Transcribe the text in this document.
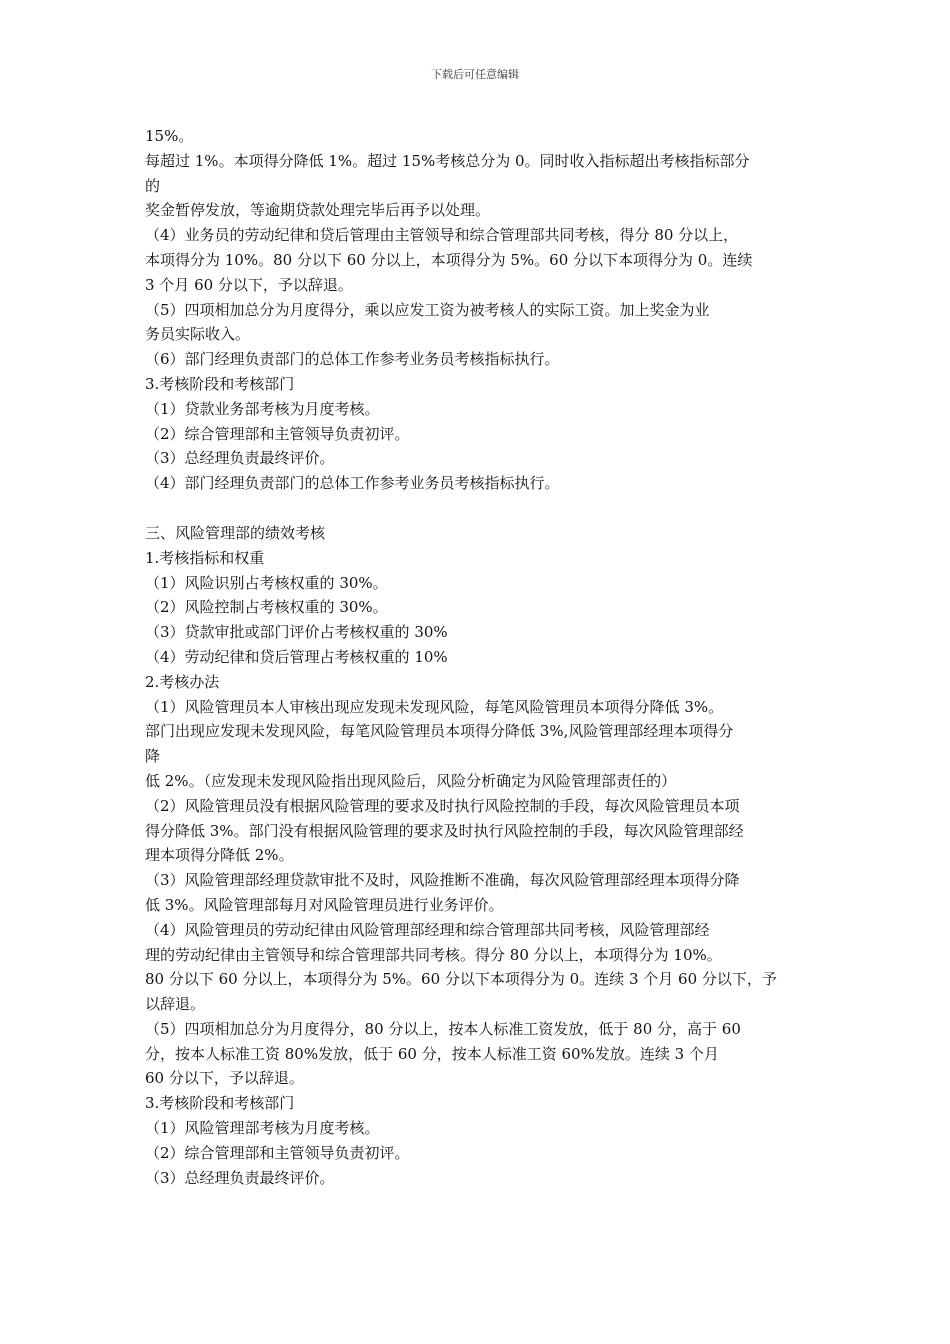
下载后可任意编辑
15%。
每超过 1%。本项得分降低 1%。超过 15%考核总分为 0。同时收入指标超出考核指标部分
的
奖金暂停发放，等逾期贷款处理完毕后再予以处理。
（4）业务员的劳动纪律和贷后管理由主管领导和综合管理部共同考核，得分 80 分以上，
本项得分为 10%。80 分以下 60 分以上，本项得分为 5%。60 分以下本项得分为 0。连续
3 个月 60 分以下，予以辞退。
（5）四项相加总分为月度得分，乘以应发工资为被考核人的实际工资。加上奖金为业
务员实际收入。
（6）部门经理负责部门的总体工作参考业务员考核指标执行。
3.考核阶段和考核部门
（1）贷款业务部考核为月度考核。
（2）综合管理部和主管领导负责初评。
（3）总经理负责最终评价。
（4）部门经理负责部门的总体工作参考业务员考核指标执行。
三、风险管理部的绩效考核
1.考核指标和权重
（1）风险识别占考核权重的 30%。
（2）风险控制占考核权重的 30%。
（3）贷款审批或部门评价占考核权重的 30%
（4）劳动纪律和贷后管理占考核权重的 10%
2.考核办法
（1）风险管理员本人审核出现应发现未发现风险，每笔风险管理员本项得分降低 3%。
部门出现应发现未发现风险，每笔风险管理员本项得分降低 3%,风险管理部经理本项得分
降
低 2%。（应发现未发现风险指出现风险后，风险分析确定为风险管理部责任的）
（2）风险管理员没有根据风险管理的要求及时执行风险控制的手段，每次风险管理员本项
得分降低 3%。部门没有根据风险管理的要求及时执行风险控制的手段，每次风险管理部经
理本项得分降低 2%。
（3）风险管理部经理贷款审批不及时，风险推断不准确，每次风险管理部经理本项得分降
低 3%。风险管理部每月对风险管理员进行业务评价。
（4）风险管理员的劳动纪律由风险管理部经理和综合管理部共同考核，风险管理部经
理的劳动纪律由主管领导和综合管理部共同考核。得分 80 分以上，本项得分为 10%。
80 分以下 60 分以上，本项得分为 5%。60 分以下本项得分为 0。连续 3 个月 60 分以下，予
以辞退。
（5）四项相加总分为月度得分，80 分以上，按本人标准工资发放，低于 80 分，高于 60
分，按本人标准工资 80%发放，低于 60 分，按本人标准工资 60%发放。连续 3 个月
60 分以下，予以辞退。
3.考核阶段和考核部门
（1）风险管理部考核为月度考核。
（2）综合管理部和主管领导负责初评。
（3）总经理负责最终评价。
